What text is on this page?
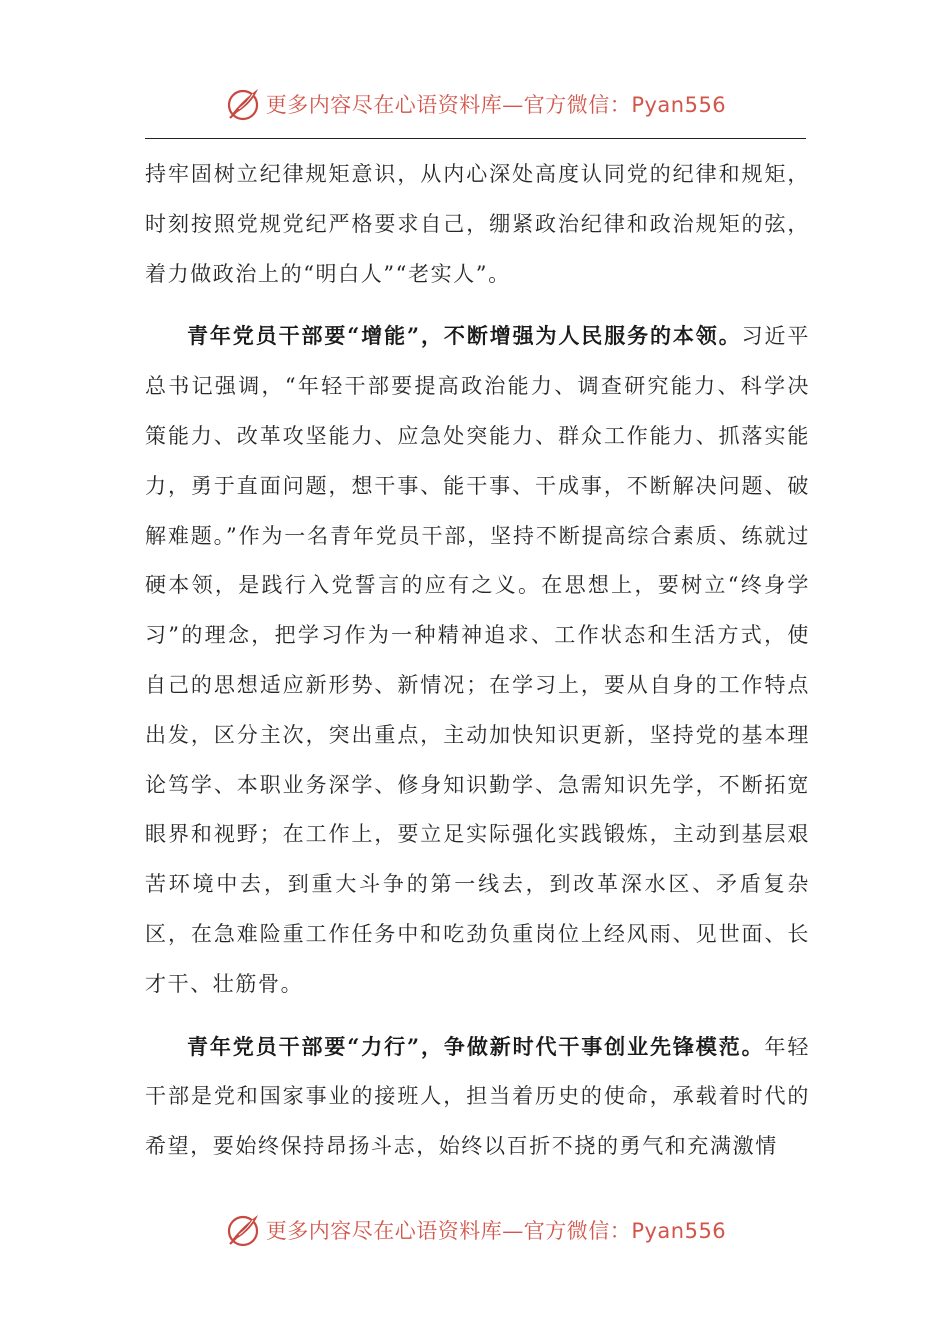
更多内容尽在心语资料库—官方微信：Pyan556

持牢固树立纪律规矩意识，从内心深处高度认同党的纪律和规矩，时刻按照党规党纪严格要求自己，绷紧政治纪律和政治规矩的弦，着力做政治上的“明白人”“老实人”。

青年党员干部要“增能”，不断增强为人民服务的本领。习近平总书记强调，“年轻干部要提高政治能力、调查研究能力、科学决策能力、改革攻坚能力、应急处突能力、群众工作能力、抓落实能力，勇于直面问题，想干事、能干事、干成事，不断解决问题、破解难题。”作为一名青年党员干部，坚持不断提高综合素质、练就过硬本领，是践行入党誓言的应有之义。在思想上，要树立“终身学习”的理念，把学习作为一种精神追求、工作状态和生活方式，使自己的思想适应新形势、新情况；在学习上，要从自身的工作特点出发，区分主次，突出重点，主动加快知识更新，坚持党的基本理论笃学、本职业务深学、修身知识勤学、急需知识先学，不断拓宽眼界和视野；在工作上，要立足实际强化实践锻炼，主动到基层艰苦环境中去，到重大斗争的第一线去，到改革深水区、矛盾复杂区，在急难险重工作任务中和吃劲负重岗位上经风雨、见世面、长才干、壮筋骨。

青年党员干部要“力行”，争做新时代干事创业先锋模范。年轻干部是党和国家事业的接班人，担当着历史的使命，承载着时代的希望，要始终保持昂扬斗志，始终以百折不挠的勇气和充满激情

更多内容尽在心语资料库—官方微信：Pyan556
